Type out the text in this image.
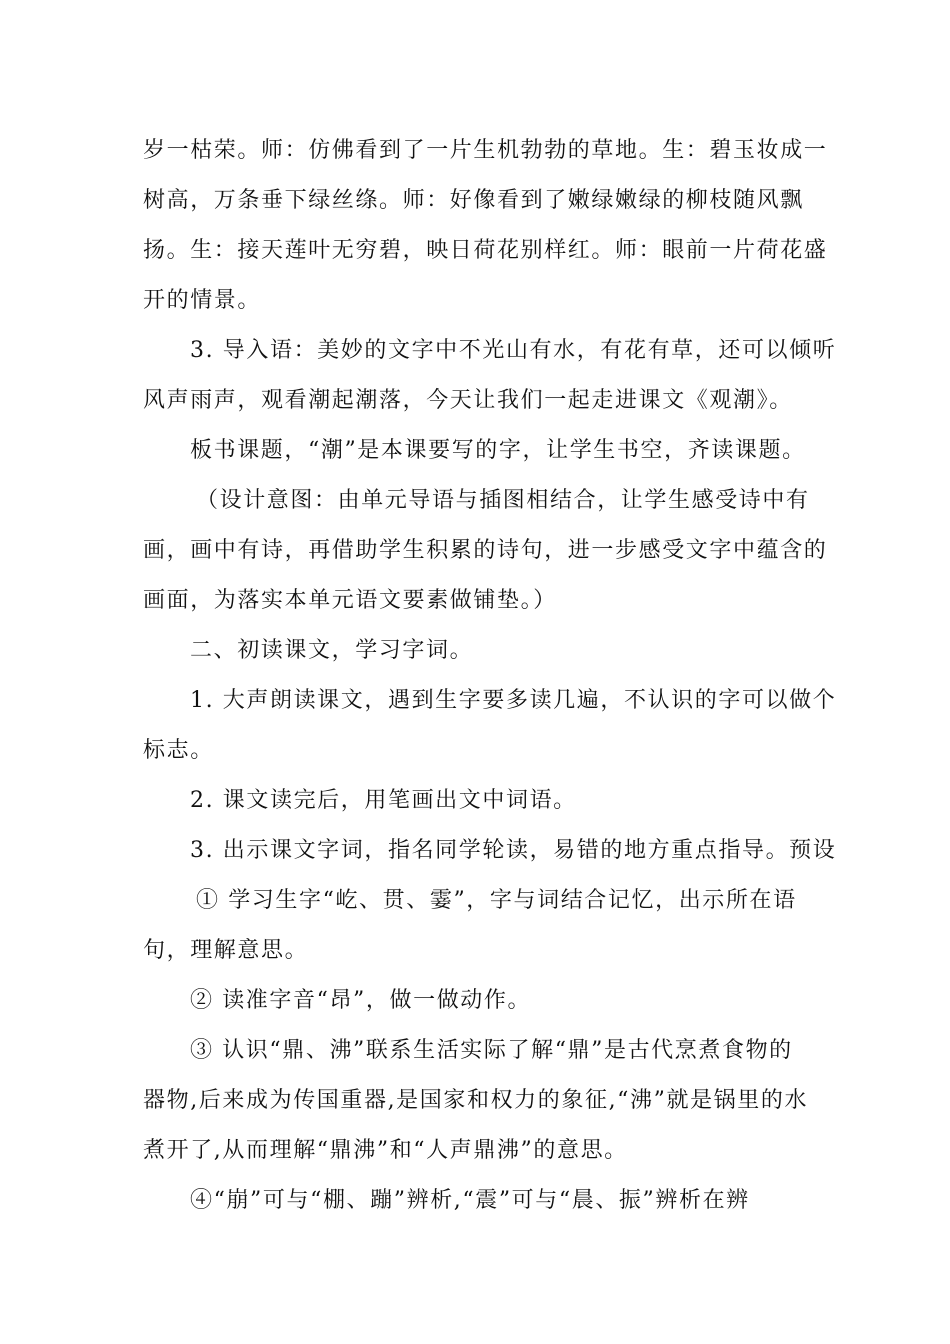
岁一枯荣。师：仿佛看到了一片生机勃勃的草地。生：碧玉妆成一
树高，万条垂下绿丝绦。师：好像看到了嫩绿嫩绿的柳枝随风飘
扬。生：接天莲叶无穷碧，映日荷花别样红。师：眼前一片荷花盛
开的情景。
3. 导入语：美妙的文字中不光山有水，有花有草，还可以倾听
风声雨声，观看潮起潮落，今天让我们一起走进课文《观潮》。
板书课题，“潮”是本课要写的字，让学生书空，齐读课题。
（设计意图：由单元导语与插图相结合，让学生感受诗中有
画，画中有诗，再借助学生积累的诗句，进一步感受文字中蕴含的
画面，为落实本单元语文要素做铺垫。）
二、初读课文，学习字词。
1. 大声朗读课文，遇到生字要多读几遍，不认识的字可以做个
标志。
2. 课文读完后，用笔画出文中词语。
3. 出示课文字词，指名同学轮读，易错的地方重点指导。预设
① 学习生字“屹、贯、霎”，字与词结合记忆，出示所在语
句，理解意思。
② 读准字音“昂”，做一做动作。
③ 认识“鼎、沸”联系生活实际了解“鼎”是古代烹煮食物的
器物,后来成为传国重器,是国家和权力的象征,“沸”就是锅里的水
煮开了,从而理解“鼎沸”和“人声鼎沸”的意思。
④“崩”可与“棚、蹦”辨析,“震”可与“晨、振”辨析在辨
